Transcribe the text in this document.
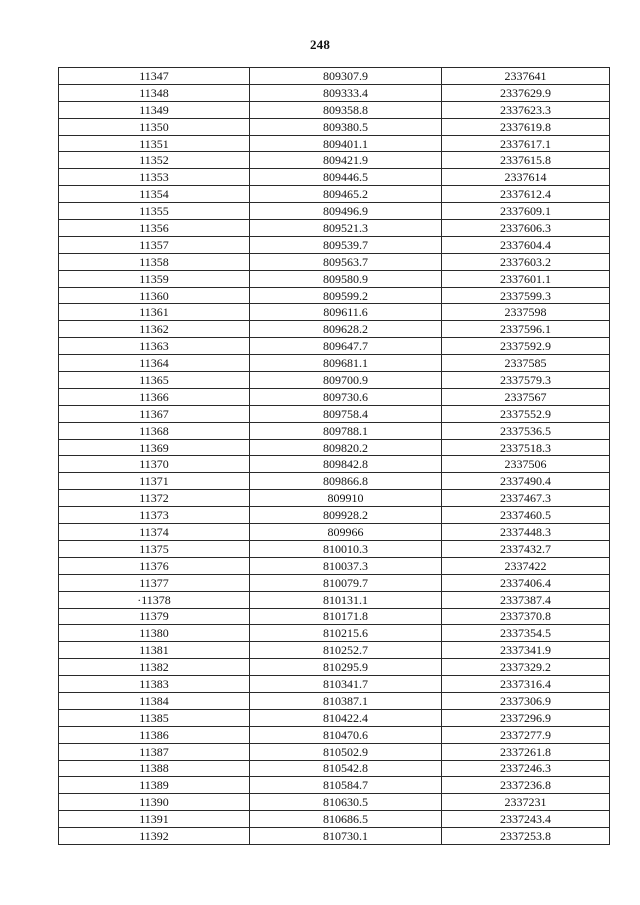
248
11347	809307.9	2337641
11348	809333.4	2337629.9
11349	809358.8	2337623.3
11350	809380.5	2337619.8
11351	809401.1	2337617.1
11352	809421.9	2337615.8
11353	809446.5	2337614
11354	809465.2	2337612.4
11355	809496.9	2337609.1
11356	809521.3	2337606.3
11357	809539.7	2337604.4
11358	809563.7	2337603.2
11359	809580.9	2337601.1
11360	809599.2	2337599.3
11361	809611.6	2337598
11362	809628.2	2337596.1
11363	809647.7	2337592.9
11364	809681.1	2337585
11365	809700.9	2337579.3
11366	809730.6	2337567
11367	809758.4	2337552.9
11368	809788.1	2337536.5
11369	809820.2	2337518.3
11370	809842.8	2337506
11371	809866.8	2337490.4
11372	809910	2337467.3
11373	809928.2	2337460.5
11374	809966	2337448.3
11375	810010.3	2337432.7
11376	810037.3	2337422
11377	810079.7	2337406.4
·11378	810131.1	2337387.4
11379	810171.8	2337370.8
11380	810215.6	2337354.5
11381	810252.7	2337341.9
11382	810295.9	2337329.2
11383	810341.7	2337316.4
11384	810387.1	2337306.9
11385	810422.4	2337296.9
11386	810470.6	2337277.9
11387	810502.9	2337261.8
11388	810542.8	2337246.3
11389	810584.7	2337236.8
11390	810630.5	2337231
11391	810686.5	2337243.4
11392	810730.1	2337253.8
